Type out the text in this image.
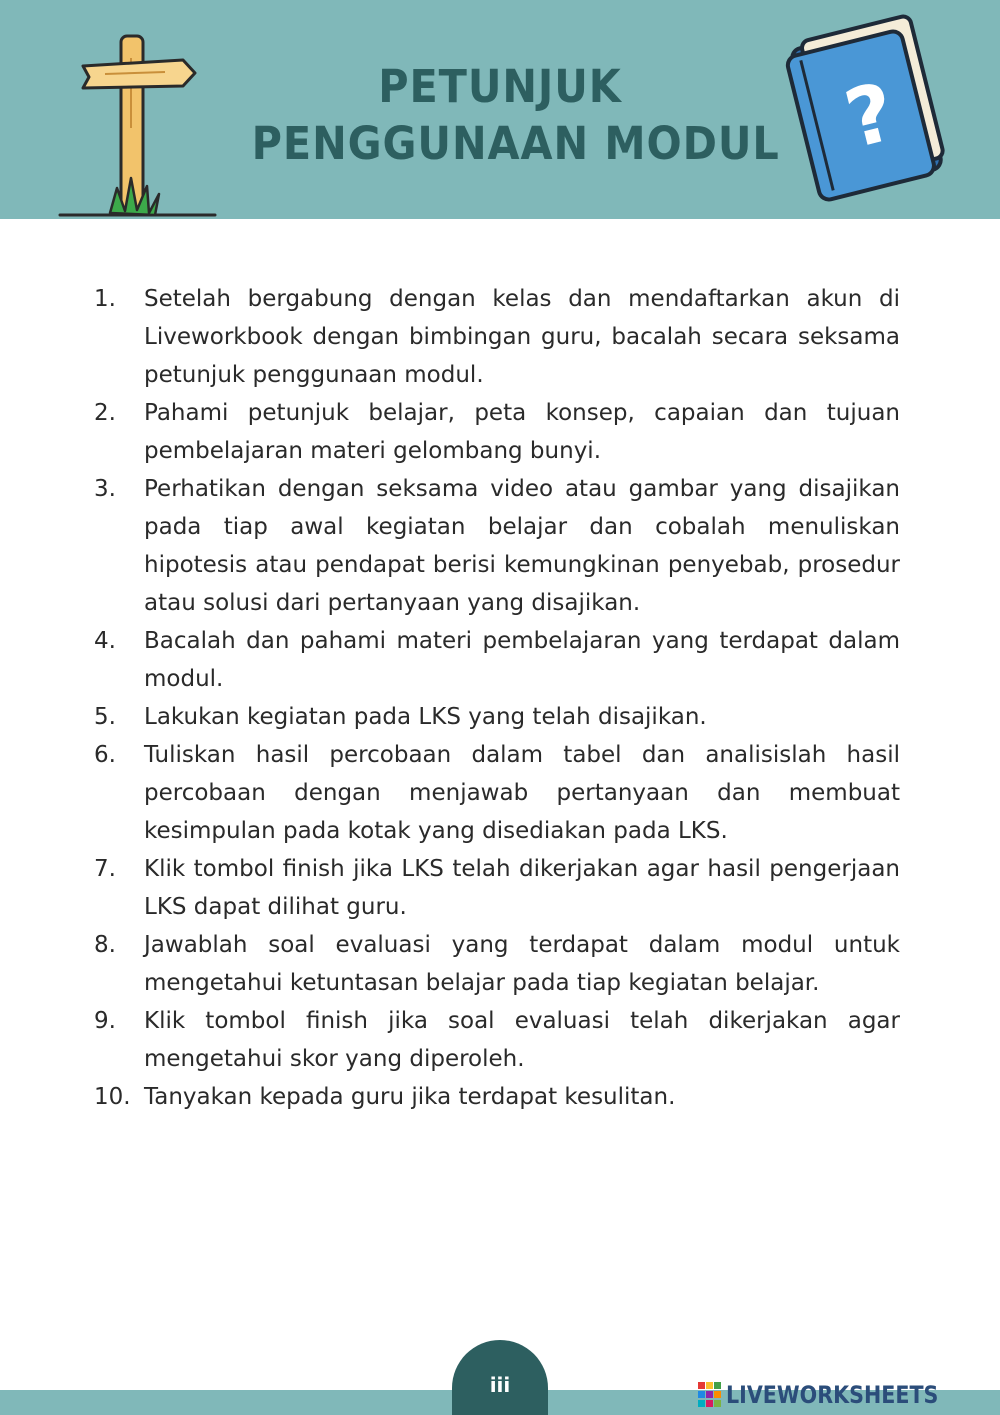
PETUNJUK
PENGGUNAAN MODUL ?
1.	Setelah bergabung dengan kelas dan mendaftarkan akun di Liveworkbook dengan bimbingan guru, bacalah secara seksama petunjuk penggunaan modul.
2.	Pahami petunjuk belajar, peta konsep, capaian dan tujuan pembelajaran materi gelombang bunyi.
3.	Perhatikan dengan seksama video atau gambar yang disajikan pada tiap awal kegiatan belajar dan cobalah menuliskan hipotesis atau pendapat berisi kemungkinan penyebab, prosedur atau solusi dari pertanyaan yang disajikan.
4.	Bacalah dan pahami materi pembelajaran yang terdapat dalam modul.
5.	Lakukan kegiatan pada LKS yang telah disajikan.
6.	Tuliskan hasil percobaan dalam tabel dan analisislah hasil percobaan dengan menjawab pertanyaan dan membuat kesimpulan pada kotak yang disediakan pada LKS.
7.	Klik tombol finish jika LKS telah dikerjakan agar hasil pengerjaan LKS dapat dilihat guru.
8.	Jawablah soal evaluasi yang terdapat dalam modul untuk mengetahui ketuntasan belajar pada tiap kegiatan belajar.
9.	Klik tombol finish jika soal evaluasi telah dikerjakan agar mengetahui skor yang diperoleh.
10. Tanyakan kepada guru jika terdapat kesulitan.
iii	LIVEWORKSHEETS
